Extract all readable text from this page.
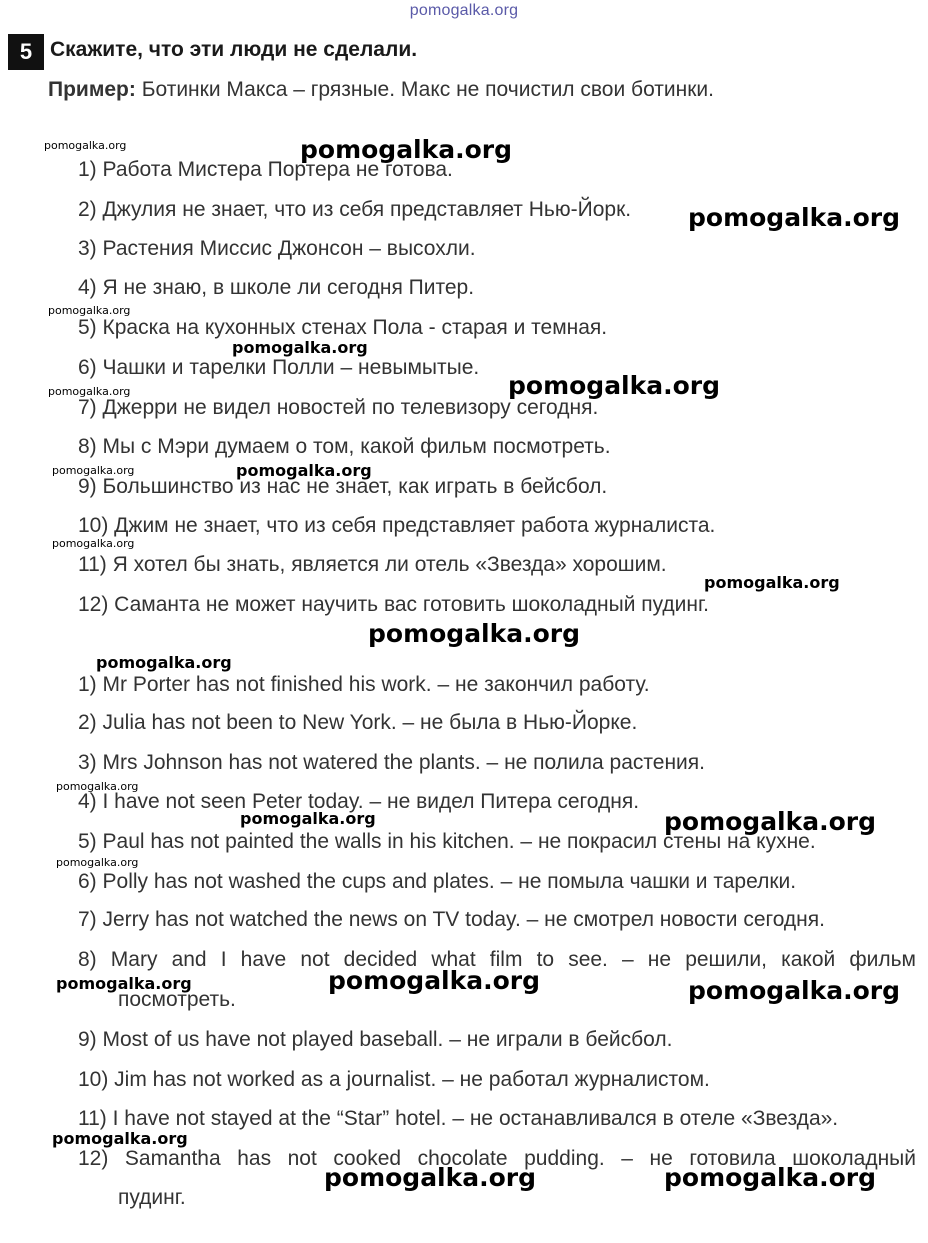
pomogalka.org
5 Скажите, что эти люди не сделали.
Пример: Ботинки Макса – грязные. Макс не почистил свои ботинки.
1) Работа Мистера Портера не готова.
2) Джулия не знает, что из себя представляет Нью-Йорк.
3) Растения Миссис Джонсон – высохли.
4) Я не знаю, в школе ли сегодня Питер.
5) Краска на кухонных стенах Пола - старая и темная.
6) Чашки и тарелки Полли – невымытые.
7) Джерри не видел новостей по телевизору сегодня.
8) Мы с Мэри думаем о том, какой фильм посмотреть.
9) Большинство из нас не знает, как играть в бейсбол.
10) Джим не знает, что из себя представляет работа журналиста.
11) Я хотел бы знать, является ли отель «Звезда» хорошим.
12) Саманта не может научить вас готовить шоколадный пудинг.
1) Mr Porter has not finished his work. – не закончил работу.
2) Julia has not been to New York. – не была в Нью-Йорке.
3) Mrs Johnson has not watered the plants. – не полила растения.
4) I have not seen Peter today. – не видел Питера сегодня.
5) Paul has not painted the walls in his kitchen. – не покрасил стены на кухне.
6) Polly has not washed the cups and plates. – не помыла чашки и тарелки.
7) Jerry has not watched the news on TV today. – не смотрел новости сегодня.
8) Mary and I have not decided what film to see. – не решили, какой фильм
посмотреть.
9) Most of us have not played baseball. – не играли в бейсбол.
10) Jim has not worked as a journalist. – не работал журналистом.
11) I have not stayed at the “Star” hotel. – не останавливался в отеле «Звезда».
12) Samantha has not cooked chocolate pudding. – не готовила шоколадный
пудинг.
pomogalka.org	pomogalka.org
pomogalka.org
pomogalka.org
pomogalka.org
pomogalka.org	pomogalka.org
pomogalka.org	pomogalka.org
pomogalka.org
pomogalka.org
pomogalka.org
pomogalka.org
pomogalka.org
pomogalka.org	pomogalka.org
pomogalka.org
pomogalka.org	pomogalka.org	pomogalka.org
pomogalka.org
pomogalka.org	pomogalka.org
